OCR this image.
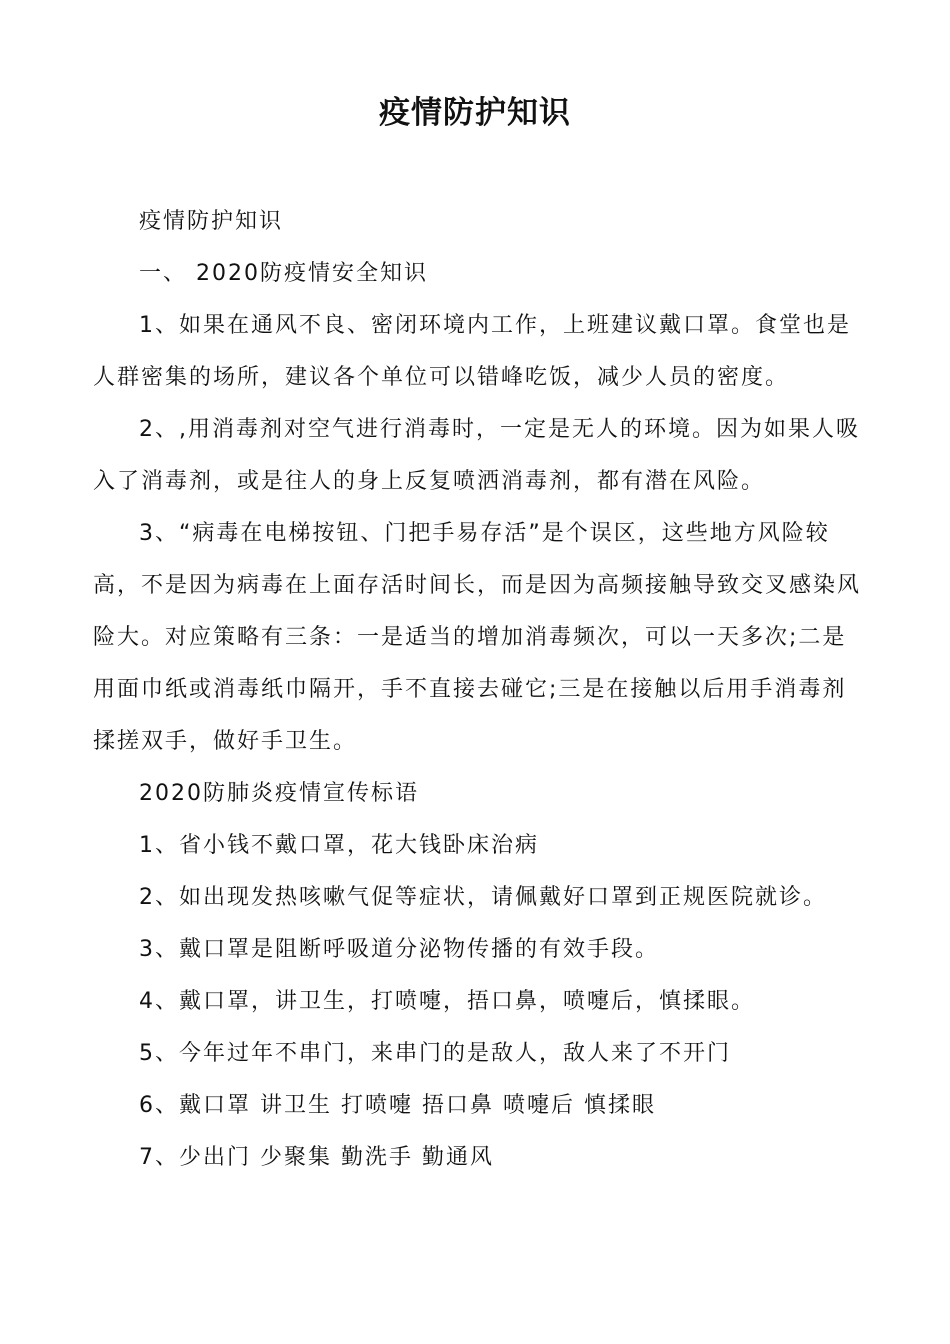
疫情防护知识

疫情防护知识

一、 2020防疫情安全知识

1、如果在通风不良、密闭环境内工作，上班建议戴口罩。食堂也是人群密集的场所，建议各个单位可以错峰吃饭，减少人员的密度。

2、,用消毒剂对空气进行消毒时，一定是无人的环境。因为如果人吸入了消毒剂，或是往人的身上反复喷洒消毒剂，都有潜在风险。

3、“病毒在电梯按钮、门把手易存活”是个误区，这些地方风险较高，不是因为病毒在上面存活时间长，而是因为高频接触导致交叉感染风险大。对应策略有三条：一是适当的增加消毒频次，可以一天多次;二是用面巾纸或消毒纸巾隔开，手不直接去碰它;三是在接触以后用手消毒剂揉搓双手，做好手卫生。

2020防肺炎疫情宣传标语

1、省小钱不戴口罩，花大钱卧床治病

2、如出现发热咳嗽气促等症状，请佩戴好口罩到正规医院就诊。

3、戴口罩是阻断呼吸道分泌物传播的有效手段。

4、戴口罩，讲卫生，打喷嚏，捂口鼻，喷嚏后，慎揉眼。

5、今年过年不串门，来串门的是敌人，敌人来了不开门

6、戴口罩 讲卫生 打喷嚏 捂口鼻 喷嚏后 慎揉眼

7、少出门 少聚集 勤洗手 勤通风
